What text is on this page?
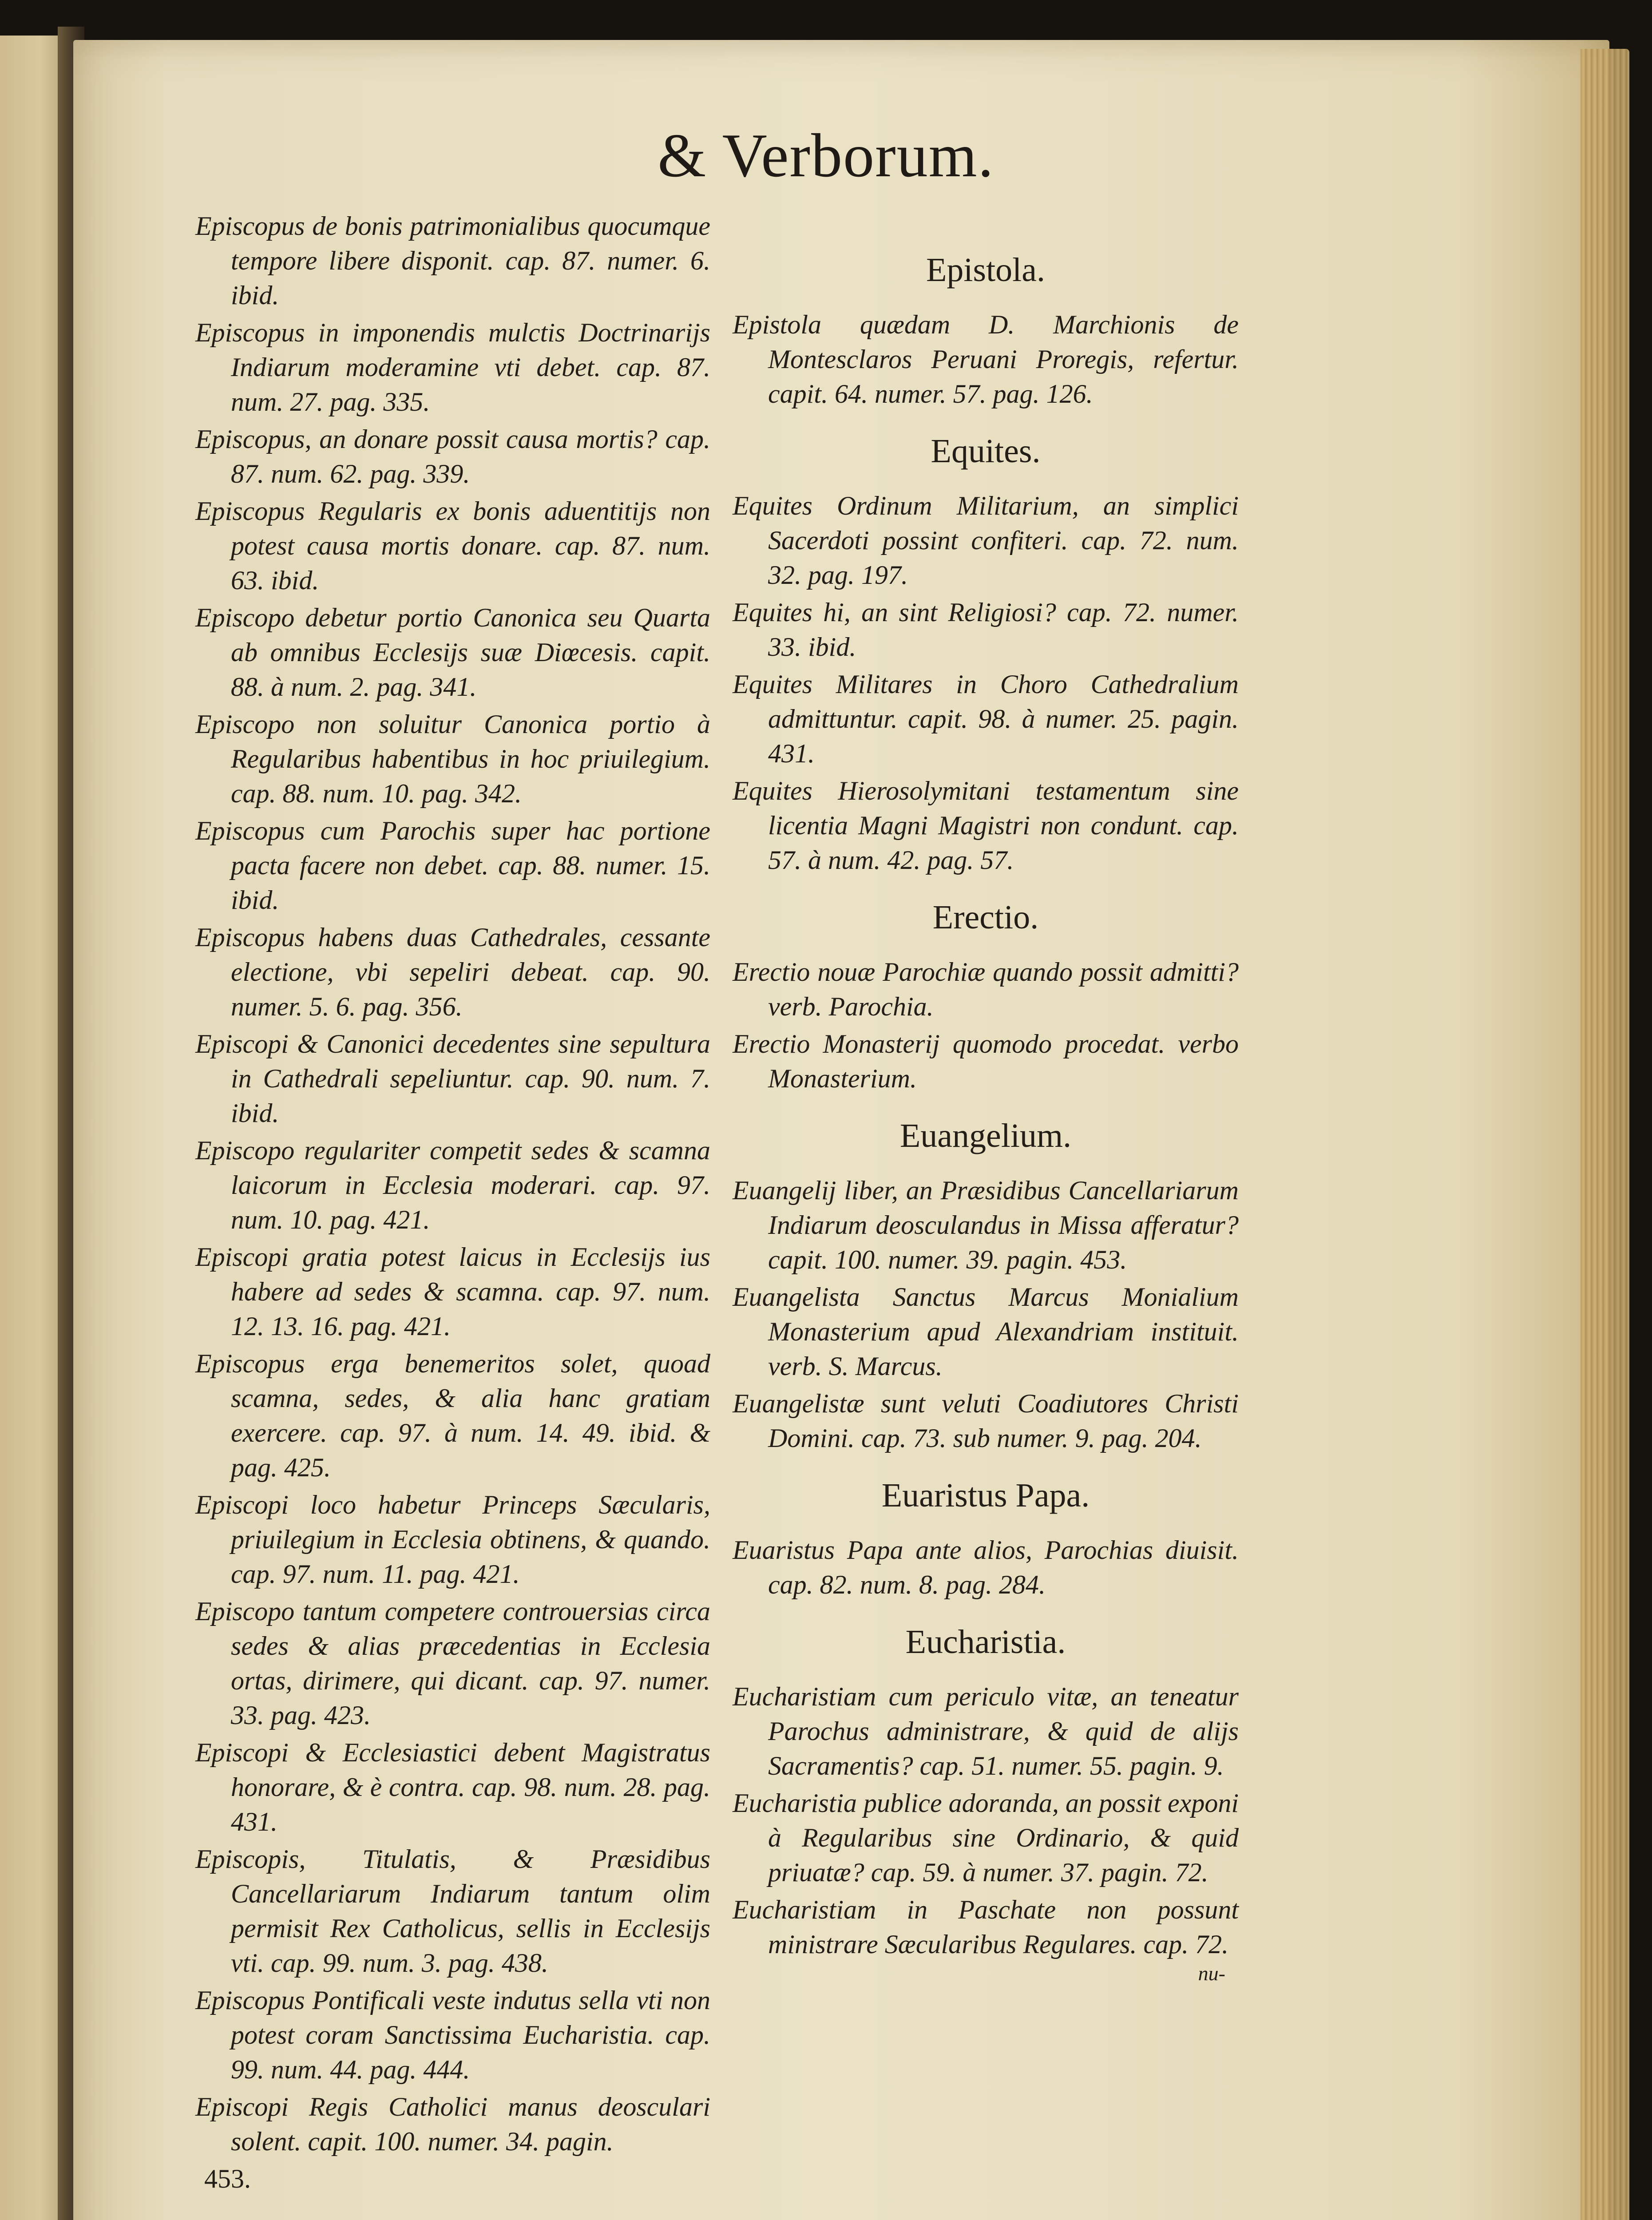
& Verborum.

Episcopus de bonis patrimonialibus quocumque tempore libere disponit. cap. 87. numer. 6. ibid.

Episcopus in imponendis mulctis Doctrinarijs Indiarum moderamine vti debet. cap. 87. num. 27. pag. 335.

Episcopus, an donare possit causa mortis? cap. 87. num. 62. pag. 339.

Episcopus Regularis ex bonis aduentitijs non potest causa mortis donare. cap. 87. num. 63. ibid.

Episcopo debetur portio Canonica seu Quarta ab omnibus Ecclesijs suæ Diœcesis. capit. 88. à num. 2. pag. 341.

Episcopo non soluitur Canonica portio à Regularibus habentibus in hoc priuilegium. cap. 88. num. 10. pag. 342.

Episcopus cum Parochis super hac portione pacta facere non debet. cap. 88. numer. 15. ibid.

Episcopus habens duas Cathedrales, cessante electione, vbi sepeliri debeat. cap. 90. numer. 5. 6. pag. 356.

Episcopi & Canonici decedentes sine sepultura in Cathedrali sepeliuntur. cap. 90. num. 7. ibid.

Episcopo regulariter competit sedes & scamna laicorum in Ecclesia moderari. cap. 97. num. 10. pag. 421.

Episcopi gratia potest laicus in Ecclesijs ius habere ad sedes & scamna. cap. 97. num. 12. 13. 16. pag. 421.

Episcopus erga benemeritos solet, quoad scamna, sedes, & alia hanc gratiam exercere. cap. 97. à num. 14. 49. ibid. & pag. 425.

Episcopi loco habetur Princeps Sæcularis, priuilegium in Ecclesia obtinens, & quando. cap. 97. num. 11. pag. 421.

Episcopo tantum competere controuersias circa sedes & alias præcedentias in Ecclesia ortas, dirimere, qui dicant. cap. 97. numer. 33. pag. 423.

Episcopi & Ecclesiastici debent Magistratus honorare, & è contra. cap. 98. num. 28. pag. 431.

Episcopis, Titulatis, & Præsidibus Cancellariarum Indiarum tantum olim permisit Rex Catholicus, sellis in Ecclesijs vti. cap. 99. num. 3. pag. 438.

Episcopus Pontificali veste indutus sella vti non potest coram Sanctissima Eucharistia. cap. 99. num. 44. pag. 444.

Episcopi Regis Catholici manus deosculari solent. capit. 100. numer. 34. pagin.

453.
Epistola.

Epistola quædam D. Marchionis de Montesclaros Peruani Proregis, refertur. capit. 64. numer. 57. pag. 126.

Equites.

Equites Ordinum Militarium, an simplici Sacerdoti possint confiteri. cap. 72. num. 32. pag. 197.

Equites hi, an sint Religiosi? cap. 72. numer. 33. ibid.

Equites Militares in Choro Cathedralium admittuntur. capit. 98. à numer. 25. pagin. 431.

Equites Hierosolymitani testamentum sine licentia Magni Magistri non condunt. cap. 57. à num. 42. pag. 57.

Erectio.

Erectio nouæ Parochiæ quando possit admitti? verb. Parochia.

Erectio Monasterij quomodo procedat. verbo Monasterium.

Euangelium.

Euangelij liber, an Præsidibus Cancellariarum Indiarum deosculandus in Missa afferatur? capit. 100. numer. 39. pagin. 453.

Euangelista Sanctus Marcus Monialium Monasterium apud Alexandriam instituit. verb. S. Marcus.

Euangelistæ sunt veluti Coadiutores Christi Domini. cap. 73. sub numer. 9. pag. 204.

Euaristus Papa.

Euaristus Papa ante alios, Parochias diuisit. cap. 82. num. 8. pag. 284.

Eucharistia.

Eucharistiam cum periculo vitæ, an teneatur Parochus administrare, & quid de alijs Sacramentis? cap. 51. numer. 55. pagin. 9.

Eucharistia publice adoranda, an possit exponi à Regularibus sine Ordinario, & quid priuatæ? cap. 59. à numer. 37. pagin. 72.

Eucharistiam in Paschate non possunt ministrare Sæcularibus Regulares. cap. 72.

nu-
